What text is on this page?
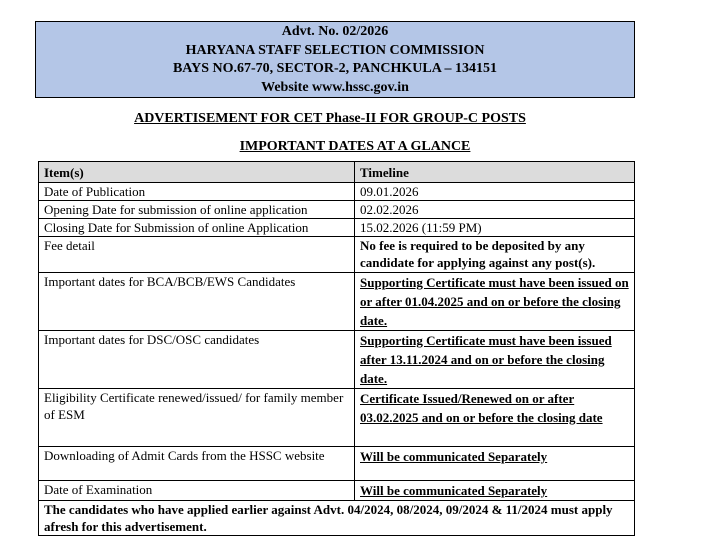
Advt. No. 02/2026
HARYANA STAFF SELECTION COMMISSION
BAYS NO.67-70, SECTOR-2, PANCHKULA – 134151
Website www.hssc.gov.in
ADVERTISEMENT FOR CET Phase-II FOR GROUP-C POSTS
IMPORTANT DATES AT A GLANCE
Item(s)	Timeline
Date of Publication	09.01.2026
Opening Date for submission of online application	02.02.2026
Closing Date for Submission of online Application	15.02.2026 (11:59 PM)
Fee detail	No fee is required to be deposited by any candidate for applying against any post(s).
Important dates for BCA/BCB/EWS Candidates	Supporting Certificate must have been issued on or after 01.04.2025 and on or before the closing date.
Important dates for DSC/OSC candidates	Supporting Certificate must have been issued after 13.11.2024 and on or before the closing date.
Eligibility Certificate renewed/issued/ for family member of ESM	Certificate Issued/Renewed on or after 03.02.2025 and on or before the closing date
Downloading of Admit Cards from the HSSC website	Will be communicated Separately
Date of Examination	Will be communicated Separately
The candidates who have applied earlier against Advt. 04/2024, 08/2024, 09/2024 & 11/2024 must apply afresh for this advertisement.	
